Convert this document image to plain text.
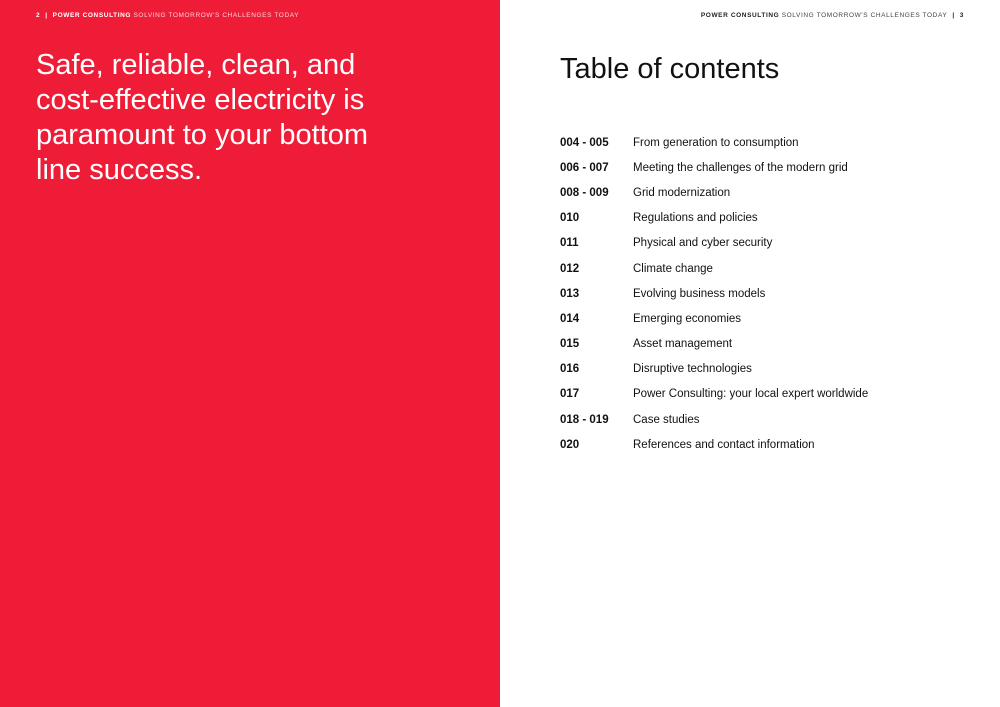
2 | POWER CONSULTING SOLVING TOMORROW'S CHALLENGES TODAY

Safe, reliable, clean, and cost-effective electricity is paramount to your bottom line success.

POWER CONSULTING SOLVING TOMORROW'S CHALLENGES TODAY | 3
Table of contents
004 - 005	From generation to consumption
006 - 007	Meeting the challenges of the modern grid
008 - 009	Grid modernization
010	Regulations and policies
011	Physical and cyber security
012	Climate change
013	Evolving business models
014	Emerging economies
015	Asset management
016	Disruptive technologies
017	Power Consulting: your local expert worldwide
018 - 019	Case studies
020	References and contact information
